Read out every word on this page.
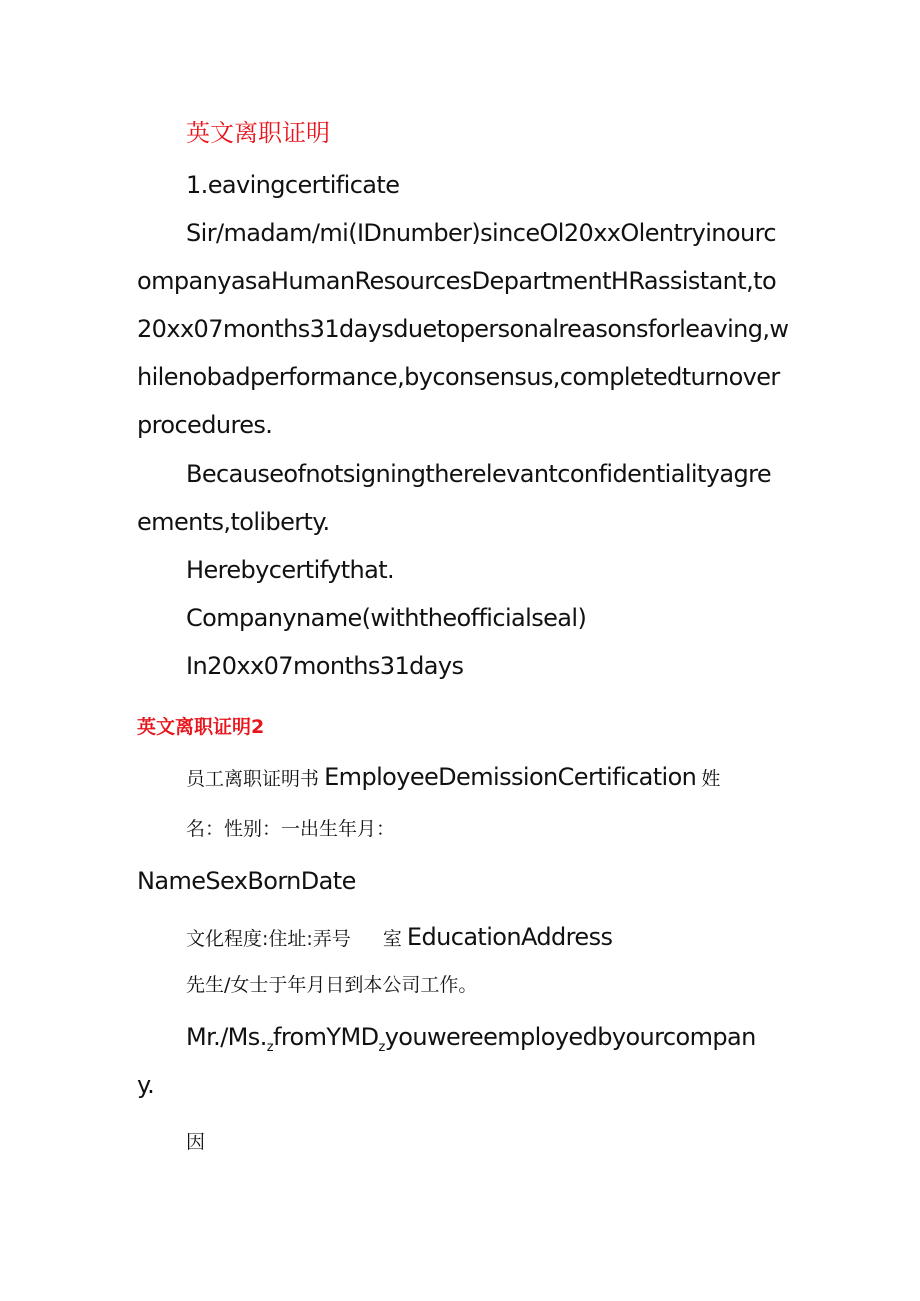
英文离职证明
1.eavingcertificate
Sir/madam/mi(IDnumber)sinceOl20xxOlentryinourc
ompanyasaHumanResourcesDepartmentHRassistant,to
20xx07months31daysduetopersonalreasonsforleaving,w
hilenobadperformance,byconsensus,completedturnover
procedures.
Becauseofnotsigningtherelevantconfidentialityagre
ements,toliberty.
Herebycertifythat.
Companyname(withtheofficialseal)
In20xx07months31days
英文离职证明2
员工离职证明书 EmployeeDemissionCertification 姓
名：性别：一出生年月：
NameSexBornDate
文化程度:住址:弄号 室 EducationAddress
先生/女士于年月日到本公司工作。
$Mr./Ms._zfromYMD_zyouwereemployedbyourcompan$
y.
因
